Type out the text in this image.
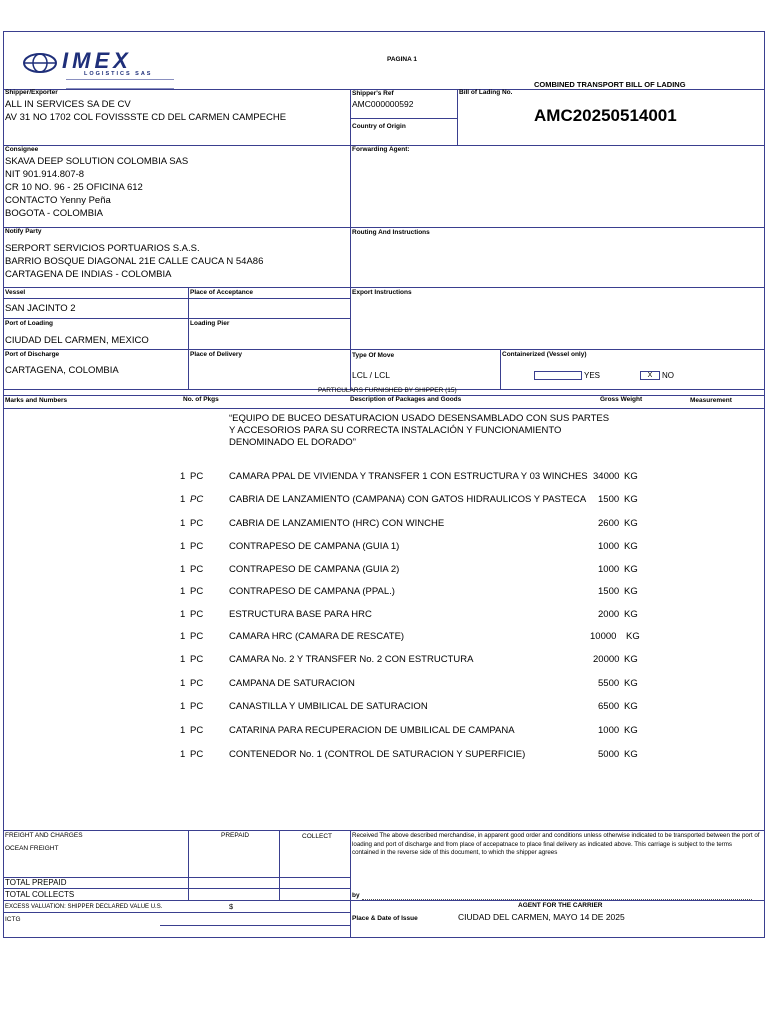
IMEX
LOGISTICS SAS
PAGINA 1
COMBINED TRANSPORT BILL OF LADING
Shipper/Exporter
ALL IN SERVICES SA DE CV
AV 31 NO 1702 COL FOVISSSTE CD DEL CARMEN CAMPECHE
Shipper's Ref
AMC000000592
Country of Origin
Bill of Lading No.
AMC20250514001
Consignee
SKAVA DEEP SOLUTION COLOMBIA SAS
NIT 901.914.807-8
CR 10 NO. 96 - 25 OFICINA 612
CONTACTO Yenny Peña
BOGOTA - COLOMBIA
Forwarding Agent:
Notify Party
SERPORT SERVICIOS PORTUARIOS S.A.S.
BARRIO BOSQUE DIAGONAL 21E CALLE CAUCA N 54A86
CARTAGENA DE INDIAS - COLOMBIA
Routing And Instructions
Vessel
SAN JACINTO 2
Place of Acceptance	Export Instructions
Port of Loading
CIUDAD DEL CARMEN, MEXICO
Loading Pier
Port of Discharge
CARTAGENA, COLOMBIA
Place of Delivery	Type Of Move
LCL / LCL
Containerized (Vessel only)
YES	X	NO
PARTICULARS FURNISHED BY SHIPPER (15)
Marks and Numbers	No. of Pkgs	Description of Packages and Goods	Gross Weight	Measurement
“EQUIPO DE BUCEO DESATURACION USADO DESENSAMBLADO CON SUS PARTES
Y ACCESORIOS PARA SU CORRECTA INSTALACIÓN Y FUNCIONAMIENTO
DENOMINADO EL DORADO”
1 PC	CAMARA PPAL DE VIVIENDA Y TRANSFER 1 CON ESTRUCTURA Y 03 WINCHES 34000 KG
1 PC	CABRIA DE LANZAMIENTO (CAMPANA) CON GATOS HIDRAULICOS Y PASTECA 1500 KG
1 PC	CABRIA DE LANZAMIENTO (HRC) CON WINCHE	2600 KG
1 PC	CONTRAPESO DE CAMPANA (GUIA 1)	1000 KG
1 PC	CONTRAPESO DE CAMPANA (GUIA 2)	1000 KG
1 PC	CONTRAPESO DE CAMPANA (PPAL.)	1500 KG
1 PC	ESTRUCTURA BASE PARA HRC	2000 KG
1 PC	CAMARA HRC (CAMARA DE RESCATE)	10000 KG
1 PC	CAMARA No. 2 Y TRANSFER No. 2 CON ESTRUCTURA	20000 KG
1 PC	CAMPANA DE SATURACION	5500 KG
1 PC	CANASTILLA Y UMBILICAL DE SATURACION	6500 KG
1 PC	CATARINA PARA RECUPERACION DE UMBILICAL DE CAMPANA	1000 KG
1 PC	CONTENEDOR No. 1 (CONTROL DE SATURACION Y SUPERFICIE)	5000 KG
FREIGHT AND CHARGES	PREPAID	COLLECT
OCEAN FREIGHT
TOTAL PREPAID
TOTAL COLLECTS
EXCESS VALUATION: SHIPPER DECLARED VALUE U.S.	$
ICTG
Received The above described merchandise, in apparent good order and conditions unless otherwise indicated to be transported between the port of loading and port of discharge and from place of accepatnace to place final delivery as indicated above. This carriage is subject to the terms contained in the reverse side of this document, to which the shipper agrees
by
AGENT FOR THE CARRIER
Place & Date of Issue	CIUDAD DEL CARMEN, MAYO 14 DE 2025
